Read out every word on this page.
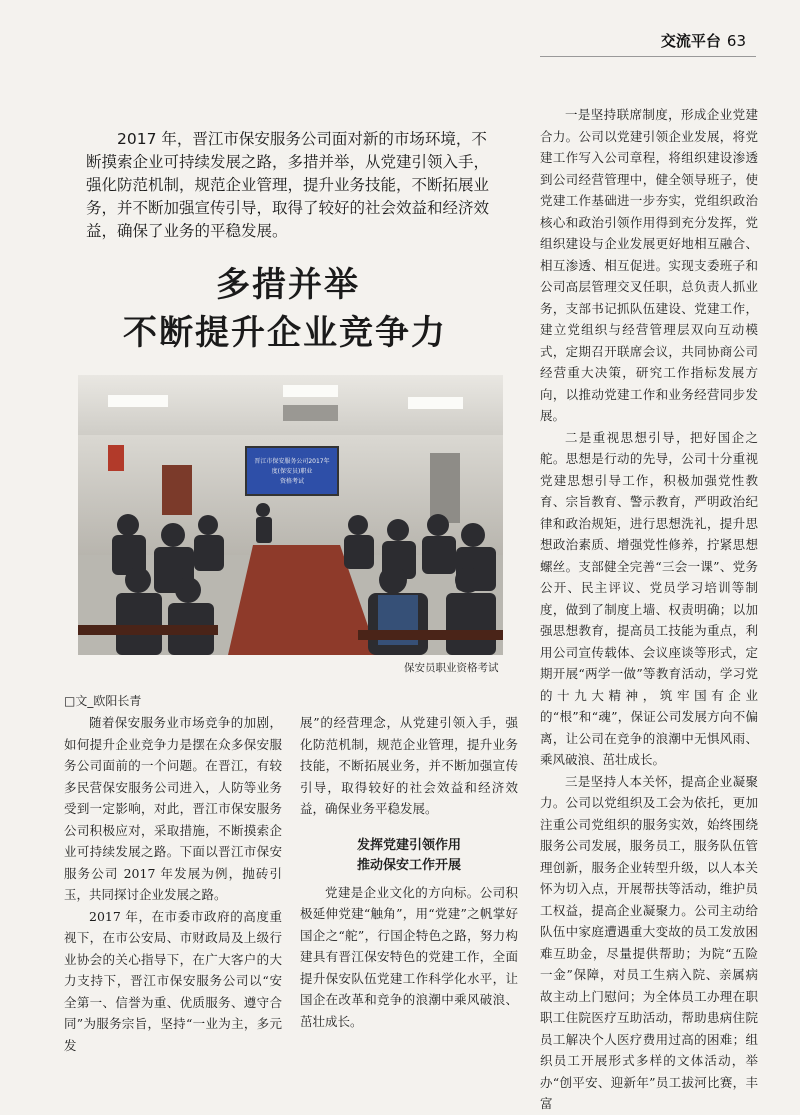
交流平台 63
2017 年，晋江市保安服务公司面对新的市场环境，不断摸索企业可持续发展之路，多措并举，从党建引领入手，强化防范机制，规范企业管理，提升业务技能，不断拓展业务，并不断加强宣传引导，取得了较好的社会效益和经济效益，确保了业务的平稳发展。
多措并举
不断提升企业竞争力
晋江市保安服务公司2017年
度(保安员)职业
资格考试
保安员职业资格考试
□文_欧阳长青

随着保安服务业市场竞争的加剧，如何提升企业竞争力是摆在众多保安服务公司面前的一个问题。在晋江，有较多民营保安服务公司进入，人防等业务受到一定影响，对此，晋江市保安服务公司积极应对，采取措施，不断摸索企业可持续发展之路。下面以晋江市保安服务公司 2017 年发展为例，抛砖引玉，共同探讨企业发展之路。

2017 年，在市委市政府的高度重视下，在市公安局、市财政局及上级行业协会的关心指导下，在广大客户的大力支持下，晋江市保安服务公司以“安全第一、信誉为重、优质服务、遵守合同”为服务宗旨，坚持“一业为主，多元发

展”的经营理念，从党建引领入手，强化防范机制，规范企业管理，提升业务技能，不断拓展业务，并不断加强宣传引导，取得较好的社会效益和经济效益，确保业务平稳发展。

发挥党建引领作用
推动保安工作开展

党建是企业文化的方向标。公司积极延伸党建“触角”，用“党建”之帆掌好国企之“舵”，行国企特色之路，努力构建具有晋江保安特色的党建工作，全面提升保安队伍党建工作科学化水平，让国企在改革和竞争的浪潮中乘风破浪、茁壮成长。

一是坚持联席制度，形成企业党建合力。公司以党建引领企业发展，将党建工作写入公司章程，将组织建设渗透到公司经营管理中，健全领导班子，使党建工作基础进一步夯实，党组织政治核心和政治引领作用得到充分发挥，党组织建设与企业发展更好地相互融合、相互渗透、相互促进。实现支委班子和公司高层管理交叉任职，总负责人抓业务，支部书记抓队伍建设、党建工作，建立党组织与经营管理层双向互动模式，定期召开联席会议，共同协商公司经营重大决策，研究工作指标发展方向，以推动党建工作和业务经营同步发展。

二是重视思想引导，把好国企之舵。思想是行动的先导，公司十分重视党建思想引导工作，积极加强党性教育、宗旨教育、警示教育，严明政治纪律和政治规矩，进行思想洗礼，提升思想政治素质、增强党性修养，拧紧思想螺丝。支部健全完善“三会一课”、党务公开、民主评议、党员学习培训等制度，做到了制度上墙、权责明确；以加强思想教育，提高员工技能为重点，利用公司宣传载体、会议座谈等形式，定期开展“两学一做”等教育活动，学习党的十九大精神，筑牢国有企业的“根”和“魂”，保证公司发展方向不偏离，让公司在竞争的浪潮中无惧风雨、乘风破浪、茁壮成长。

三是坚持人本关怀，提高企业凝聚力。公司以党组织及工会为依托，更加注重公司党组织的服务实效，始终围绕服务公司发展，服务员工，服务队伍管理创新，服务企业转型升级，以人本关怀为切入点，开展帮扶等活动，维护员工权益，提高企业凝聚力。公司主动给队伍中家庭遭遇重大变故的员工发放困难互助金，尽量提供帮助；为院“五险一金”保障，对员工生病入院、亲属病故主动上门慰问；为全体员工办理在职职工住院医疗互助活动，帮助患病住院员工解决个人医疗费用过高的困难；组织员工开展形式多样的文体活动，举办“创平安、迎新年”员工拔河比赛，丰富
